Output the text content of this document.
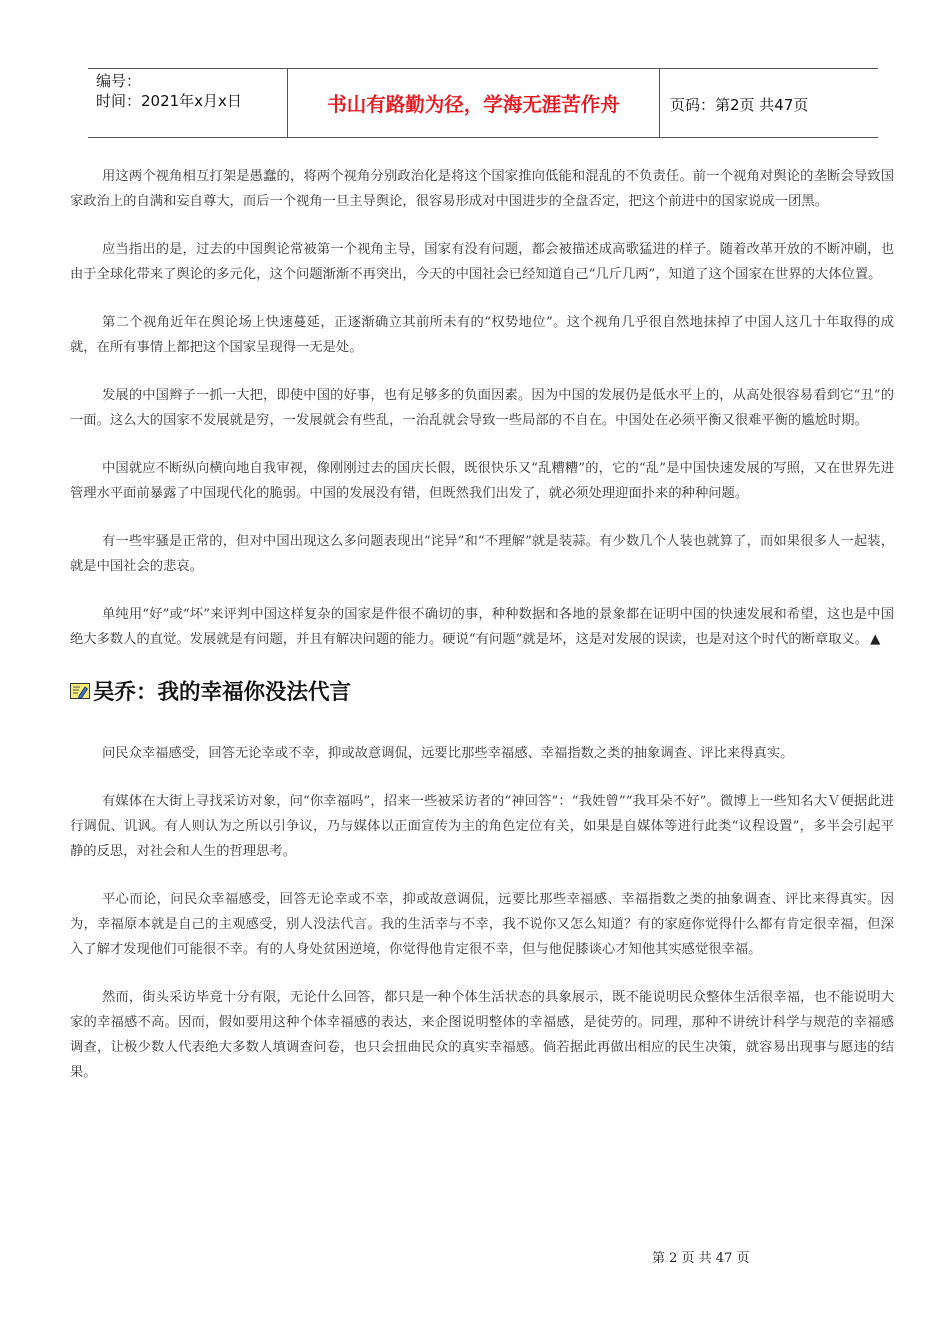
编号：
时间：2021年x月x日	书山有路勤为径，学海无涯苦作舟	页码：第2页 共47页

用这两个视角相互打架是愚蠢的，将两个视角分别政治化是将这个国家推向低能和混乱的不负责任。前一个视角对舆论的垄断会导致国家政治上的自满和妄自尊大，而后一个视角一旦主导舆论，很容易形成对中国进步的全盘否定，把这个前进中的国家说成一团黑。

应当指出的是，过去的中国舆论常被第一个视角主导，国家有没有问题，都会被描述成高歌猛进的样子。随着改革开放的不断冲刷，也由于全球化带来了舆论的多元化，这个问题渐渐不再突出，今天的中国社会已经知道自己“几斤几两”，知道了这个国家在世界的大体位置。

第二个视角近年在舆论场上快速蔓延，正逐渐确立其前所未有的“权势地位”。这个视角几乎很自然地抹掉了中国人这几十年取得的成就，在所有事情上都把这个国家呈现得一无是处。

发展的中国辫子一抓一大把，即使中国的好事，也有足够多的负面因素。因为中国的发展仍是低水平上的，从高处很容易看到它“丑”的一面。这么大的国家不发展就是穷，一发展就会有些乱，一治乱就会导致一些局部的不自在。中国处在必须平衡又很难平衡的尴尬时期。

中国就应不断纵向横向地自我审视，像刚刚过去的国庆长假，既很快乐又“乱糟糟”的，它的“乱”是中国快速发展的写照，又在世界先进管理水平面前暴露了中国现代化的脆弱。中国的发展没有错，但既然我们出发了，就必须处理迎面扑来的种种问题。

有一些牢骚是正常的，但对中国出现这么多问题表现出“诧异”和“不理解”就是装蒜。有少数几个人装也就算了，而如果很多人一起装，就是中国社会的悲哀。

单纯用“好”或“坏”来评判中国这样复杂的国家是件很不确切的事，种种数据和各地的景象都在证明中国的快速发展和希望，这也是中国绝大多数人的直觉。发展就是有问题，并且有解决问题的能力。硬说“有问题”就是坏，这是对发展的误读，也是对这个时代的断章取义。 ▲

吴乔：我的幸福你没法代言

问民众幸福感受，回答无论幸或不幸，抑或故意调侃，远要比那些幸福感、幸福指数之类的抽象调查、评比来得真实。

有媒体在大街上寻找采访对象，问“你幸福吗”，招来一些被采访者的“神回答”：“我姓曾”“我耳朵不好”。微博上一些知名大Ｖ便据此进行调侃、讥讽。有人则认为之所以引争议，乃与媒体以正面宣传为主的角色定位有关，如果是自媒体等进行此类“议程设置”，多半会引起平静的反思，对社会和人生的哲理思考。

平心而论，问民众幸福感受，回答无论幸或不幸，抑或故意调侃，远要比那些幸福感、幸福指数之类的抽象调查、评比来得真实。因为，幸福原本就是自己的主观感受，别人没法代言。我的生活幸与不幸，我不说你又怎么知道？有的家庭你觉得什么都有肯定很幸福，但深入了解才发现他们可能很不幸。有的人身处贫困逆境，你觉得他肯定很不幸，但与他促膝谈心才知他其实感觉很幸福。

然而，街头采访毕竟十分有限，无论什么回答，都只是一种个体生活状态的具象展示，既不能说明民众整体生活很幸福，也不能说明大家的幸福感不高。因而，假如要用这种个体幸福感的表达，来企图说明整体的幸福感，是徒劳的。同理，那种不讲统计科学与规范的幸福感调查，让极少数人代表绝大多数人填调查问卷，也只会扭曲民众的真实幸福感。倘若据此再做出相应的民生决策，就容易出现事与愿违的结果。

第 2 页 共 47 页
